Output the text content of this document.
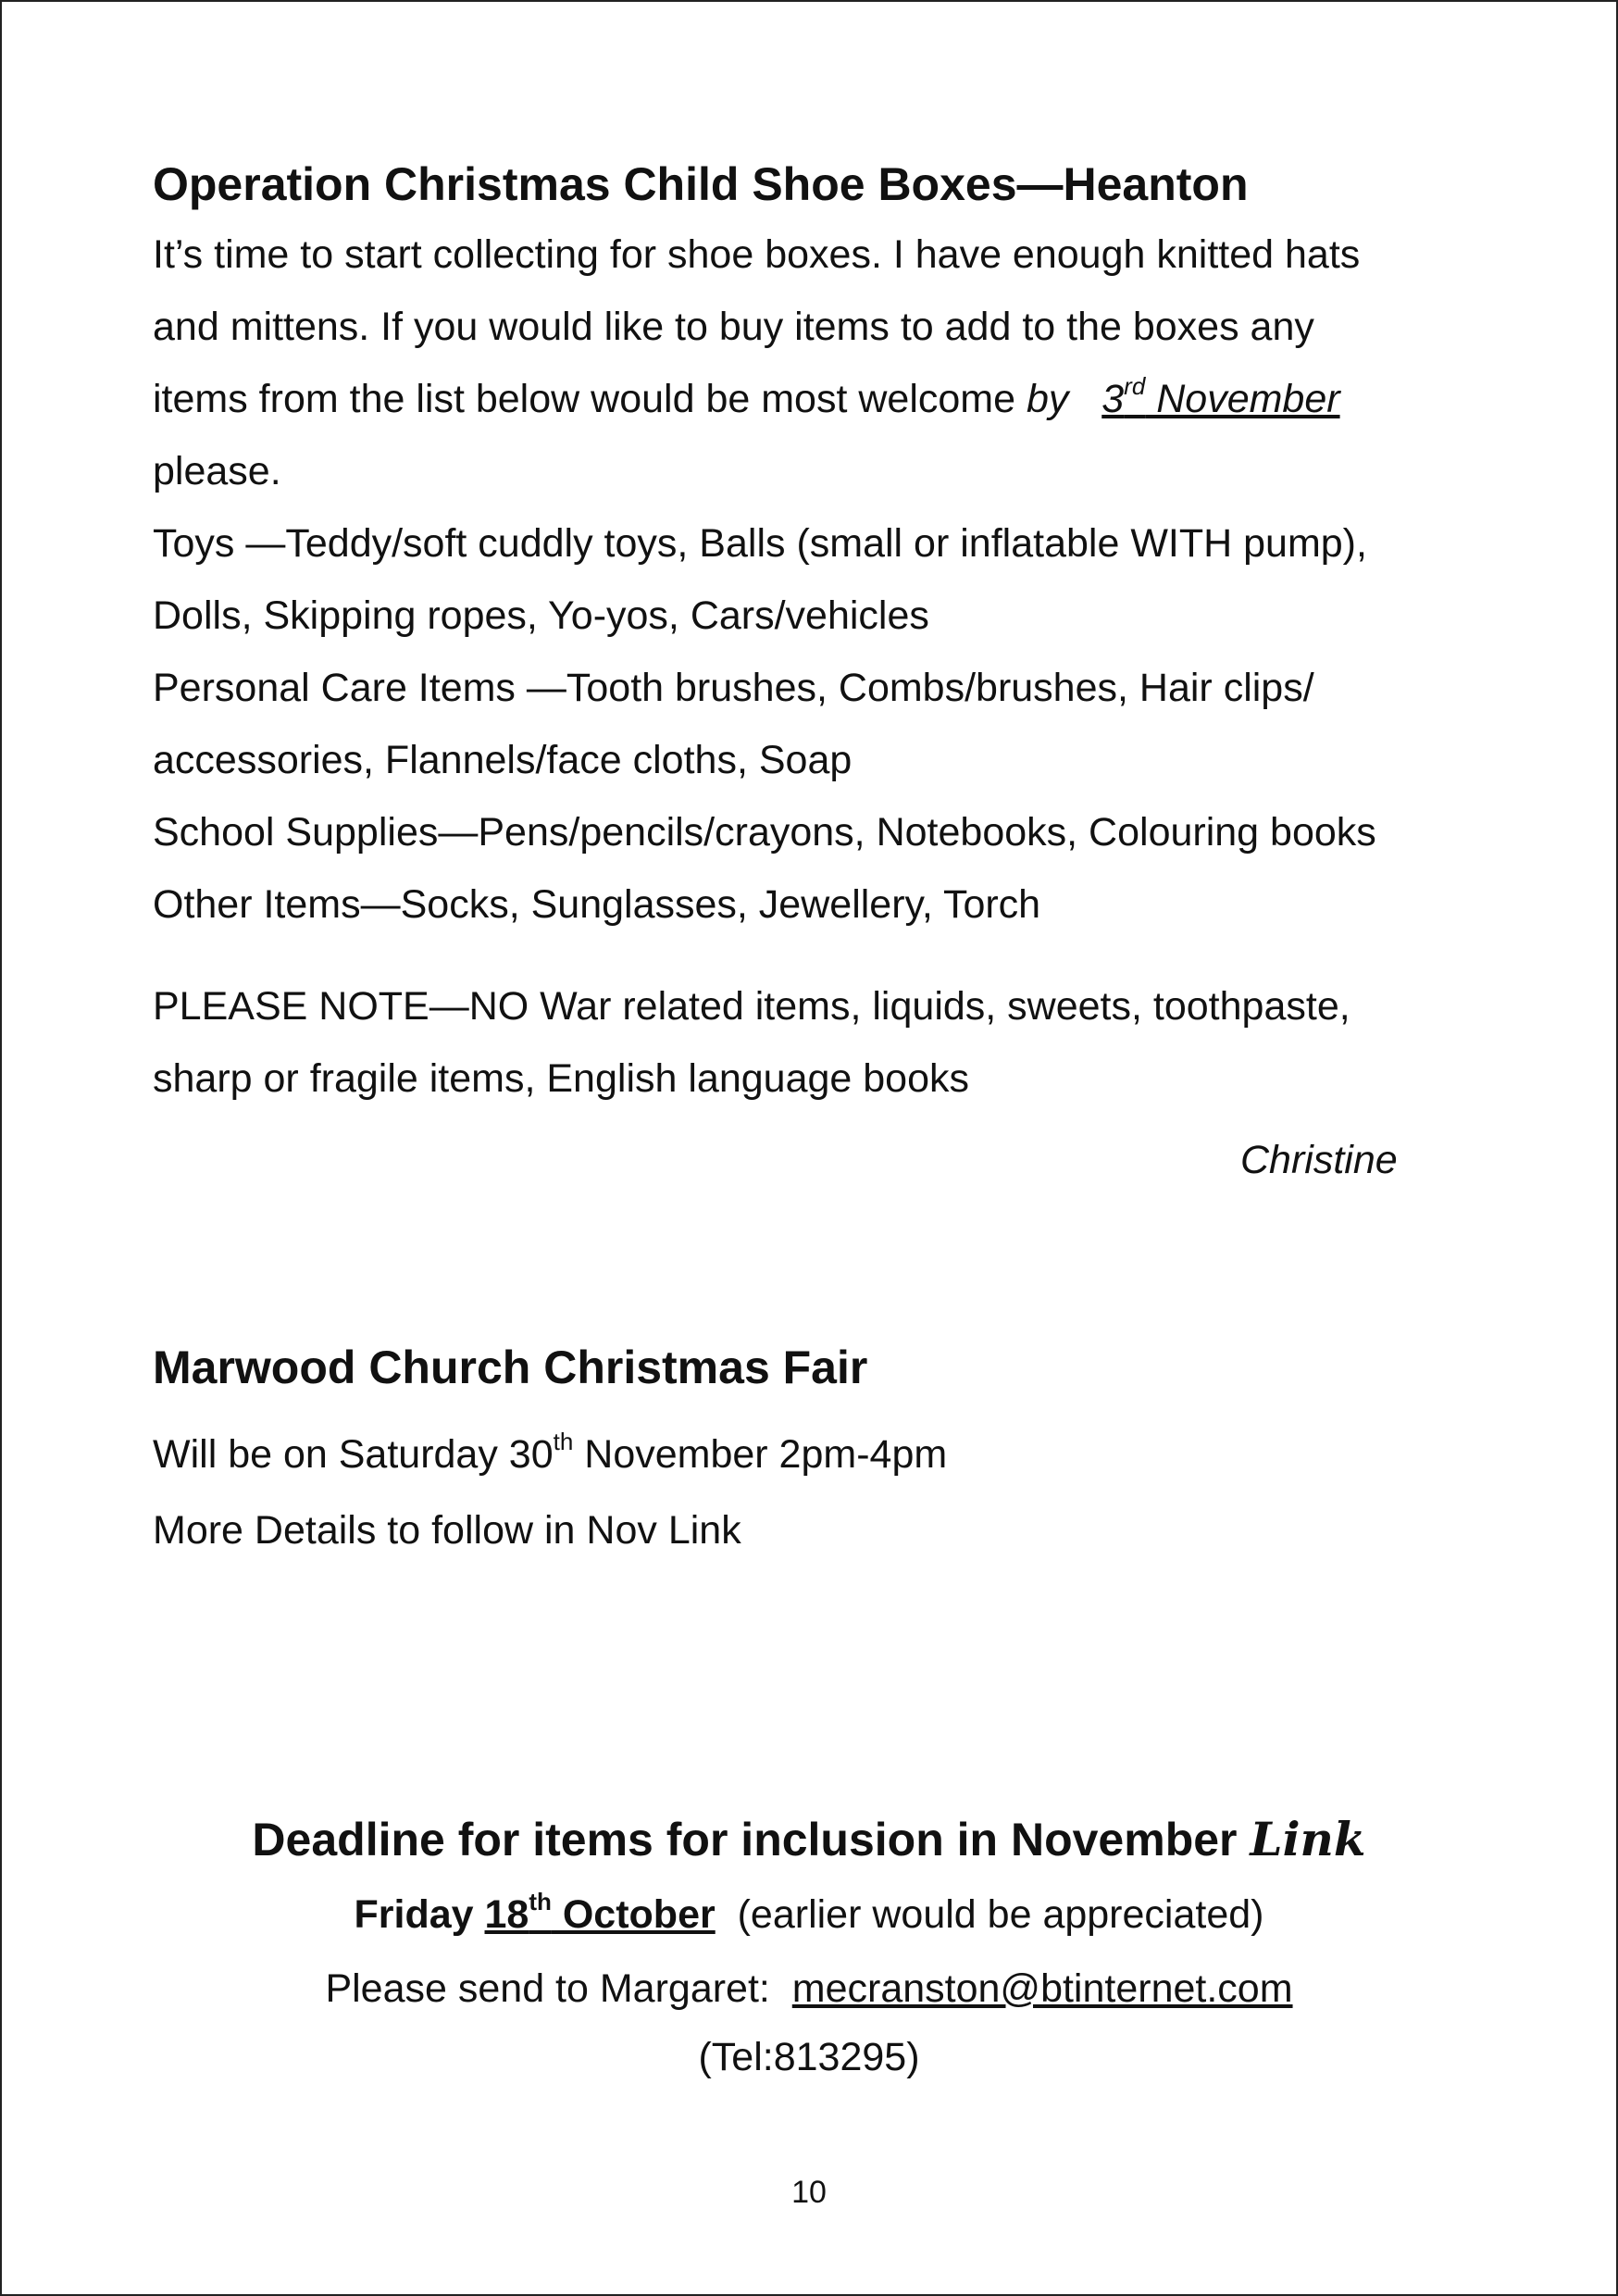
Operation Christmas Child Shoe Boxes—Heanton

It’s time to start collecting for shoe boxes. I have enough knitted hats

and mittens. If you would like to buy items to add to the boxes any

items from the list below would be most welcome by 3rd November

please.

Toys —Teddy/soft cuddly toys, Balls (small or inflatable WITH pump),

Dolls, Skipping ropes, Yo-yos, Cars/vehicles

Personal Care Items —Tooth brushes, Combs/brushes, Hair clips/

accessories, Flannels/face cloths, Soap

School Supplies—Pens/pencils/crayons, Notebooks, Colouring books

Other Items—Socks, Sunglasses, Jewellery, Torch

PLEASE NOTE—NO War related items, liquids, sweets, toothpaste,

sharp or fragile items, English language books

Christine
Marwood Church Christmas Fair

Will be on Saturday 30th November 2pm-4pm

More Details to follow in Nov Link

Deadline for items for inclusion in November Link
Friday 18th October  (earlier would be appreciated)
Please send to Margaret:  mecranston@btinternet.com
(Tel:813295)
10
